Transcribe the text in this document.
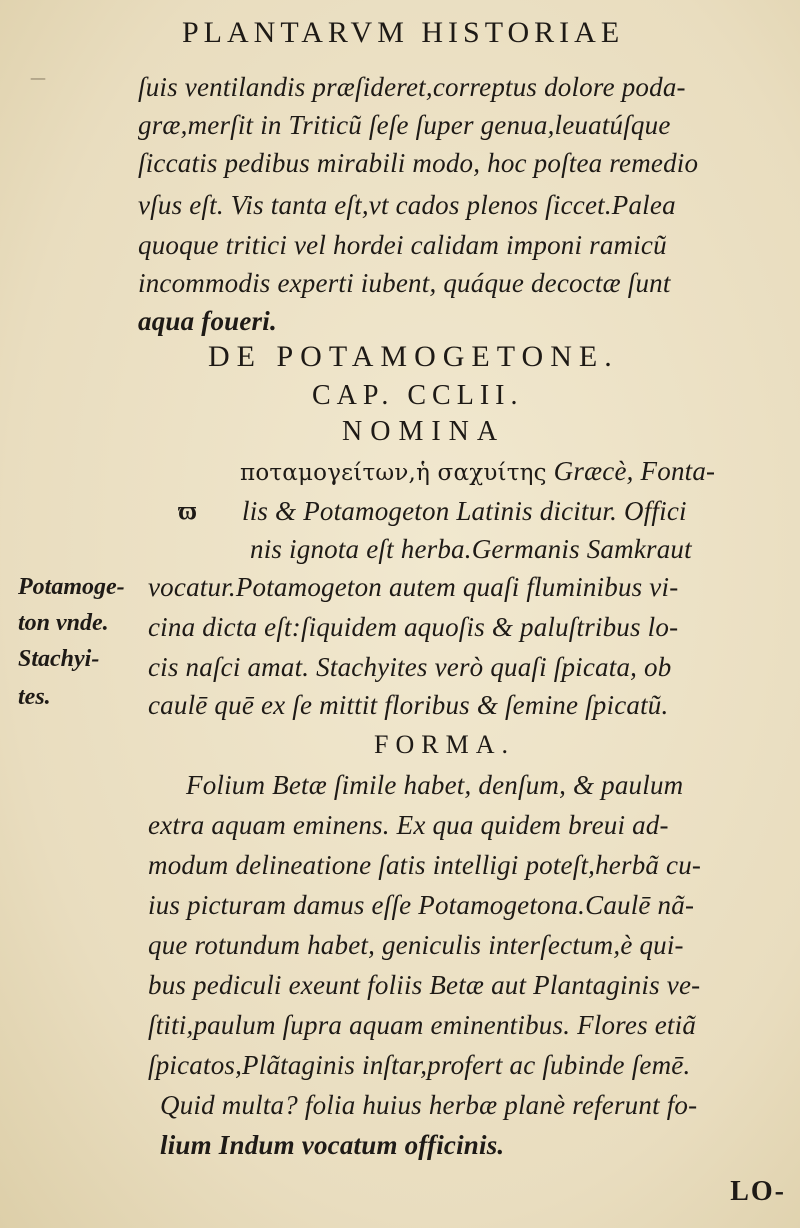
—
PLANTARVM HISTORIAE
ſuis ventilandis præſideret,correptus dolore poda-
græ,merſit in Triticũ ſeſe ſuper genua,leuatúſque
ſiccatis pedibus mirabili modo, hoc poſtea remedio
vſus eſt. Vis tanta eſt,vt cados plenos ſiccet.Palea
quoque tritici vel hordei calidam imponi ramicũ
incommodis experti iubent, quáque decoctæ ſunt
aqua foueri.
DE POTAMOGETONE.
CAP. CCLII.
NOMINA
ποταμογείτων,ἡ σαχυίτης Græcè, Fonta-
ϖ lis & Potamogeton Latinis dicitur. Offici
nis ignota eſt herba.Germanis Samkraut
vocatur.Potamogeton autem quaſi fluminibus vi-
cina dicta eſt:ſiquidem aquoſis & paluſtribus lo-
cis naſci amat. Stachyites verò quaſi ſpicata, ob
caulē quē ex ſe mittit floribus & ſemine ſpicatũ.
Potamoge-
ton vnde.
Stachyi-
tes.
FORMA.
Folium Betæ ſimile habet, denſum, & paulum
extra aquam eminens. Ex qua quidem breui ad-
modum delineatione ſatis intelligi poteſt,herbã cu-
ius picturam damus eſſe Potamogetona.Caulē nã-
que rotundum habet, geniculis interſectum,è qui-
bus pediculi exeunt foliis Betæ aut Plantaginis ve-
ſtiti,paulum ſupra aquam eminentibus. Flores etiã
ſpicatos,Plãtaginis inſtar,profert ac ſubinde ſemē.
Quid multa? folia huius herbæ planè referunt fo-
lium Indum vocatum officinis.
LO-
